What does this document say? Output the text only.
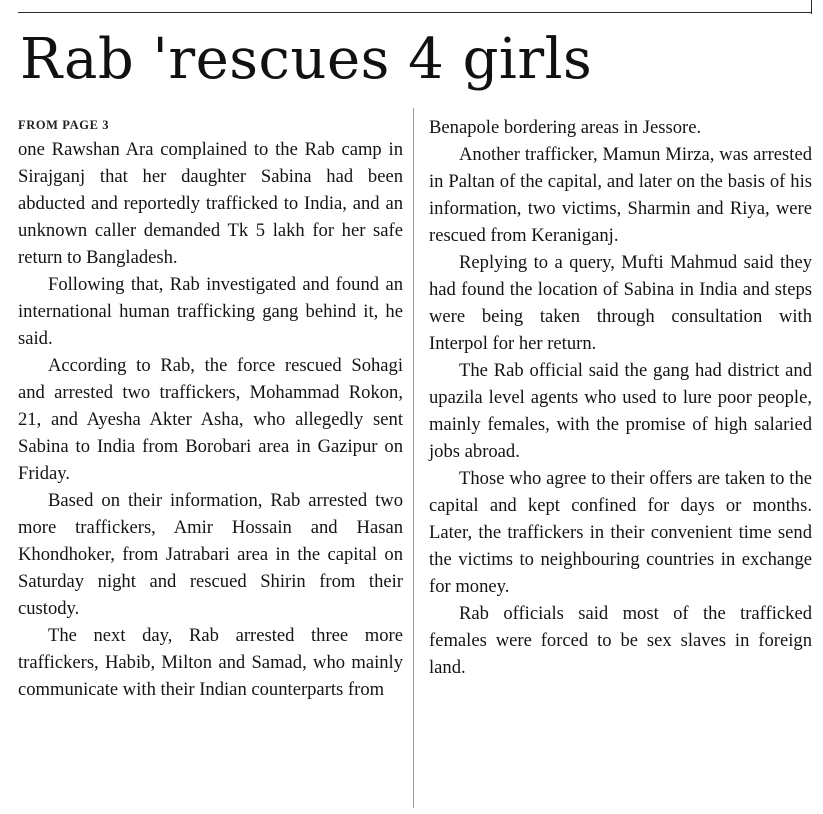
Rab 'rescues 4 girls
FROM PAGE 3

one Rawshan Ara complained to the Rab camp in Sirajganj that her daughter Sabina had been abducted and reportedly trafficked to India, and an unknown caller demanded Tk 5 lakh for her safe return to Bangladesh.

Following that, Rab investigated and found an international human trafficking gang behind it, he said.

According to Rab, the force rescued Sohagi and arrested two traffickers, Mohammad Rokon, 21, and Ayesha Akter Asha, who allegedly sent Sabina to India from Borobari area in Gazipur on Friday.

Based on their information, Rab arrested two more traffickers, Amir Hossain and Hasan Khondhoker, from Jatrabari area in the capital on Saturday night and rescued Shirin from their custody.

The next day, Rab arrested three more traffickers, Habib, Milton and Samad, who mainly communicate with their Indian counterparts from

Benapole bordering areas in Jessore.

Another trafficker, Mamun Mirza, was arrested in Paltan of the capital, and later on the basis of his information, two victims, Sharmin and Riya, were rescued from Keraniganj.

Replying to a query, Mufti Mahmud said they had found the location of Sabina in India and steps were being taken through consultation with Interpol for her return.

The Rab official said the gang had district and upazila level agents who used to lure poor people, mainly females, with the promise of high salaried jobs abroad.

Those who agree to their offers are taken to the capital and kept confined for days or months. Later, the traffickers in their convenient time send the victims to neighbouring countries in exchange for money.

Rab officials said most of the trafficked females were forced to be sex slaves in foreign land.
